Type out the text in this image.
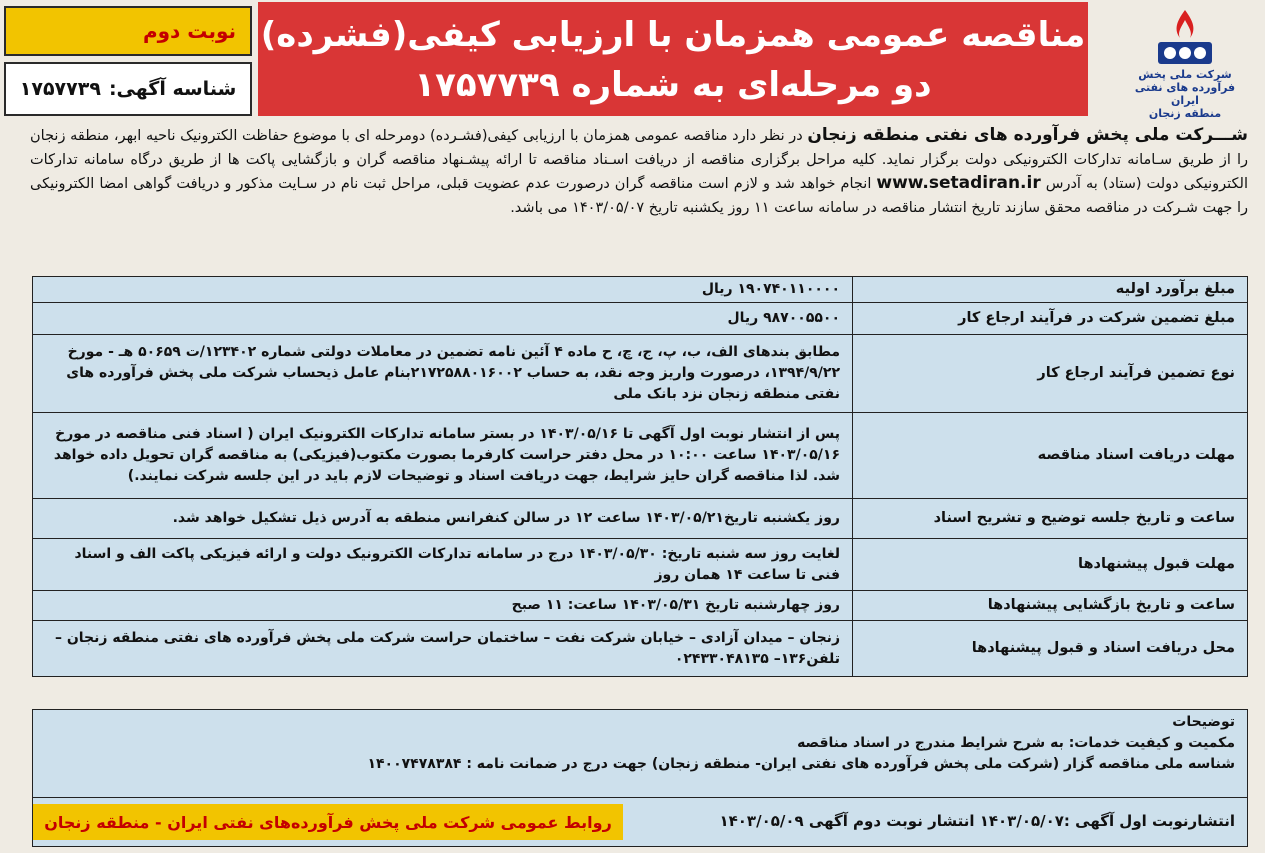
نوبت دوم
شناسه آگهی:
۱۷۵۷۷۳۹
مناقصه عمومی همزمان با ارزیابی کیفی(فشرده)
دو مرحله‌ای به شماره ۱۷۵۷۷۳۹	شرکت ملی پخش فرآورده های نفتی ایران
منطقه زنجان
شـــرکت ملی پخش فرآورده های نفتی منطقه زنجان در نظر دارد مناقصه عمومی همزمان با ارزیابی کیفی(فشـرده) دومرحله ای با موضوع حفاظت الکترونیک ناحیه ابهر، منطقه زنجان را از طریق سـامانه تدارکات الکترونیکی دولت برگزار نماید. کلیه مراحل برگزاری مناقصه از دریافت اسـناد مناقصه تا ارائه پیشـنهاد مناقصه گران و بازگشایی پاکت ها از طریق درگاه سامانه تدارکات الکترونیکی دولت (ستاد) به آدرس www.setadiran.ir انجام خواهد شد و لازم است مناقصه گران درصورت عدم عضویت قبلی، مراحل ثبت نام در سـایت مذکور و دریافت گواهی امضا الکترونیکی را جهت شـرکت در مناقصه محقق سازند تاریخ انتشار مناقصه در سامانه ساعت ۱۱ روز یکشنبه تاریخ ۱۴۰۳/۰۵/۰۷ می باشد.
مبلغ برآورد اولیه	۱۹۰۷۴۰۱۱۰۰۰۰ ریال
مبلغ تضمین شرکت در فرآیند ارجاع کار	۹۸۷۰۰۵۵۰۰ ریال
نوع تضمین فرآیند ارجاع کار	مطابق بندهای الف، ب، پ، ج، چ، ح ماده ۴ آئین نامه تضمین در معاملات دولتی شماره ۱۲۳۴۰۲/ت ۵۰۶۵۹ هـ - مورخ ۱۳۹۴/۹/۲۲، درصورت واریز وجه نقد، به حساب ۲۱۷۲۵۸۸۰۱۶۰۰۲بنام عامل ذیحساب شرکت ملی پخش فرآورده های نفتی منطقه زنجان نزد بانک ملی
مهلت دریافت اسناد مناقصه	پس از انتشار نوبت اول آگهی تا ۱۴۰۳/۰۵/۱۶ در بستر سامانه تدارکات الکترونیک ایران ( اسناد فنی مناقصه در مورخ ۱۴۰۳/۰۵/۱۶ ساعت ۱۰:۰۰ در محل دفتر حراست کارفرما بصورت مکتوب(فیزیکی) به مناقصه گران تحویل داده خواهد شد. لذا مناقصه گران حایز شرایط، جهت دریافت اسناد و توضیحات لازم باید در این جلسه شرکت نمایند.)
ساعت و تاریخ جلسه توضیح و تشریح اسناد	روز یکشنبه تاریخ۱۴۰۳/۰۵/۲۱ ساعت ۱۲ در سالن کنفرانس منطقه به آدرس ذیل تشکیل خواهد شد.
مهلت قبول پیشنهادها	لغایت روز سه شنبه تاریخ: ۱۴۰۳/۰۵/۳۰ درج در سامانه تدارکات الکترونیک دولت و ارائه فیزیکی پاکت الف و اسناد فنی تا ساعت ۱۴ همان روز
ساعت و تاریخ بازگشایی پیشنهادها	روز چهارشنبه تاریخ ۱۴۰۳/۰۵/۳۱ ساعت: ۱۱ صبح
محل دریافت اسناد و قبول پیشنهادها	زنجان – میدان آزادی – خیابان شرکت نفت – ساختمان حراست شرکت ملی پخش فرآورده های نفتی منطقه زنجان – تلفن۱۳۶– ۰۲۴۳۳۰۴۸۱۳۵
توضیحات
مکمیت و کیفیت خدمات: به شرح شرایط مندرج در اسناد مناقصه
شناسه ملی مناقصه گزار (شرکت ملی پخش فرآورده های نفتی ایران- منطقه زنجان) جهت درج در ضمانت نامه : ۱۴۰۰۷۴۷۸۳۸۴
انتشارنوبت اول آگهی :۱۴۰۳/۰۵/۰۷ انتشار نوبت دوم آگهی ۱۴۰۳/۰۵/۰۹
روابط عمومی شرکت ملی پخش فرآورده‌های نفتی ایران - منطقه زنجان
